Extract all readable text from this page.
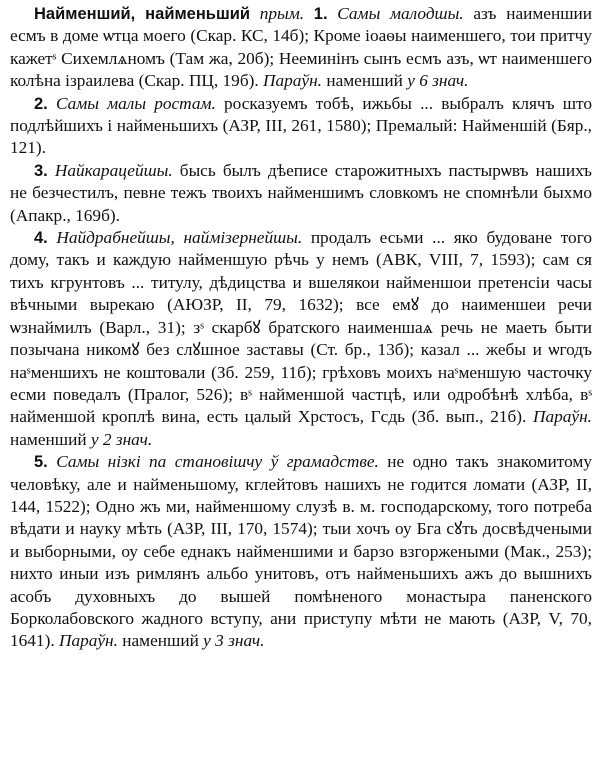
Найменший, найменьший прым. 1. Самы малодшы. азъ наименшии есмъ в доме ѡтца моего (Скар. КС, 14б); Кроме іоаѳы наименшего, тои притчу кажетˢ Сихемлѧномъ (Там жа, 20б); Нееминінъ сынъ есмъ азъ, ѡт наименшего колѣна ізраилева (Скар. ПЦ, 19б). Параўн. наменший у 6 знач.

2. Самы малы ростам. росказуемъ тобѣ, ижьбы ... выбралъ клячъ што подлѣйшихъ і найменьшихъ (АЗР, III, 261, 1580); Премалый: Найменшій (Бяр., 121).

3. Найкарацейшы. бысь былъ дѣеписе старожитныхъ пастырѡвъ нашихъ не безчестилъ, певне тежъ твоихъ найменшимъ словкомъ не спомнѣли быхмо (Апакр., 169б).

4. Найдрабнейшы, наймізернейшы. продалъ есьми ... яко будоване того дому, такъ и каждую найменшую рѣчь у немъ (АВК, VIII, 7, 1593); сам ся тихъ кгрунтовъ ... титулу, дѣдицства и вшелякои найменшои претенсіи часы вѣчными вырекаю (АЮЗР, II, 79, 1632); все емꙋ до наименшеи речи ѡзнаймилъ (Варл., 31); зˢ скарбꙋ братского наименшаѧ речь не маеть быти позычана никомꙋ без слꙋшное заставы (Ст. бр., 13б); казал ... жебы и ѡгодъ наˢменшихъ не коштовали (Зб. 259, 11б); грѣховъ моихъ наˢменшую часточку есми поведалъ (Пралог, 526); вˢ найменшой частцѣ, или одробѣнѣ хлѣба, вˢ найменшой кроплѣ вина, есть цалый Хрстосъ, Гсдь (Зб. вып., 21б). Параўн. наменший у 2 знач.

5. Самы нізкі па становішчу ў грамадстве. не одно такъ знакомитому человѣку, але и найменьшому, кглейтовъ нашихъ не годится ломати (АЗР, II, 144, 1522); Одно жъ ми, найменшому слузѣ в. м. господарскому, того потреба вѣдати и науку мѣть (АЗР, III, 170, 1574); тыи хочъ оу Бга сꙋть досвѣдчеными и выборными, оу себе еднакъ найменшими и барзо взгоржеными (Мак., 253); нихто иныи изъ римлянъ альбо унитовъ, отъ найменьшихъ ажъ до вышнихъ асобъ духовныхъ до вышей помѣненого монастыра паненского Борколабовского жадного вступу, ани приступу мѣти не мають (АЗР, V, 70, 1641). Параўн. наменший у 3 знач.
